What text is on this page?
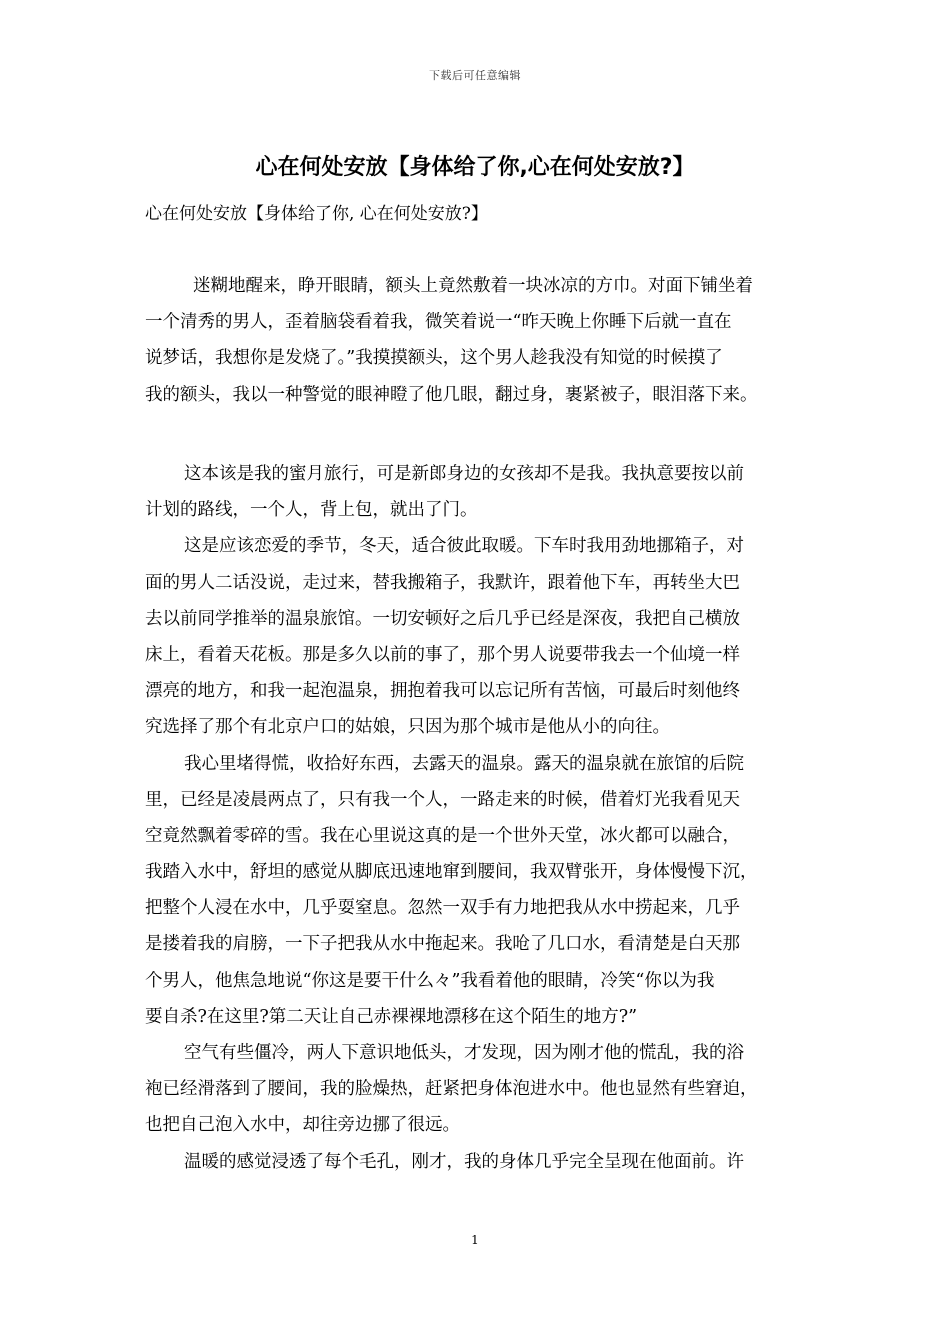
下载后可任意编辑
心在何处安放【身体给了你,心在何处安放?】
心在何处安放【身体给了你, 心在何处安放?】
迷糊地醒来，睁开眼睛，额头上竟然敷着一块冰凉的方巾。对面下铺坐着
一个清秀的男人，歪着脑袋看着我，微笑着说一“昨天晚上你睡下后就一直在
说梦话，我想你是发烧了。”我摸摸额头，这个男人趁我没有知觉的时候摸了
我的额头，我以一种警觉的眼神瞪了他几眼，翻过身，裹紧被子，眼泪落下来。
这本该是我的蜜月旅行，可是新郎身边的女孩却不是我。我执意要按以前
计划的路线，一个人，背上包，就出了门。
这是应该恋爱的季节，冬天，适合彼此取暖。下车时我用劲地挪箱子，对
面的男人二话没说，走过来，替我搬箱子，我默许，跟着他下车，再转坐大巴
去以前同学推举的温泉旅馆。一切安顿好之后几乎已经是深夜，我把自己横放
床上，看着天花板。那是多久以前的事了，那个男人说要带我去一个仙境一样
漂亮的地方，和我一起泡温泉，拥抱着我可以忘记所有苦恼，可最后时刻他终
究选择了那个有北京户口的姑娘，只因为那个城市是他从小的向往。
我心里堵得慌，收拾好东西，去露天的温泉。露天的温泉就在旅馆的后院
里，已经是凌晨两点了，只有我一个人，一路走来的时候，借着灯光我看见天
空竟然飘着零碎的雪。我在心里说这真的是一个世外天堂，冰火都可以融合，
我踏入水中，舒坦的感觉从脚底迅速地窜到腰间，我双臂张开，身体慢慢下沉，
把整个人浸在水中，几乎耍窒息。忽然一双手有力地把我从水中捞起来，几乎
是搂着我的肩膀，一下子把我从水中拖起来。我呛了几口水，看清楚是白天那
个男人，他焦急地说“你这是要干什么々”我看着他的眼睛，冷笑“你以为我
要自杀?在这里?第二天让自己赤裸裸地漂移在这个陌生的地方?”
空气有些僵冷，两人下意识地低头，才发现，因为刚才他的慌乱，我的浴
袍已经滑落到了腰间，我的脸燥热，赶紧把身体泡进水中。他也显然有些窘迫，
也把自己泡入水中，却往旁边挪了很远。
温暖的感觉浸透了每个毛孔，刚才，我的身体几乎完全呈现在他面前。许
1
